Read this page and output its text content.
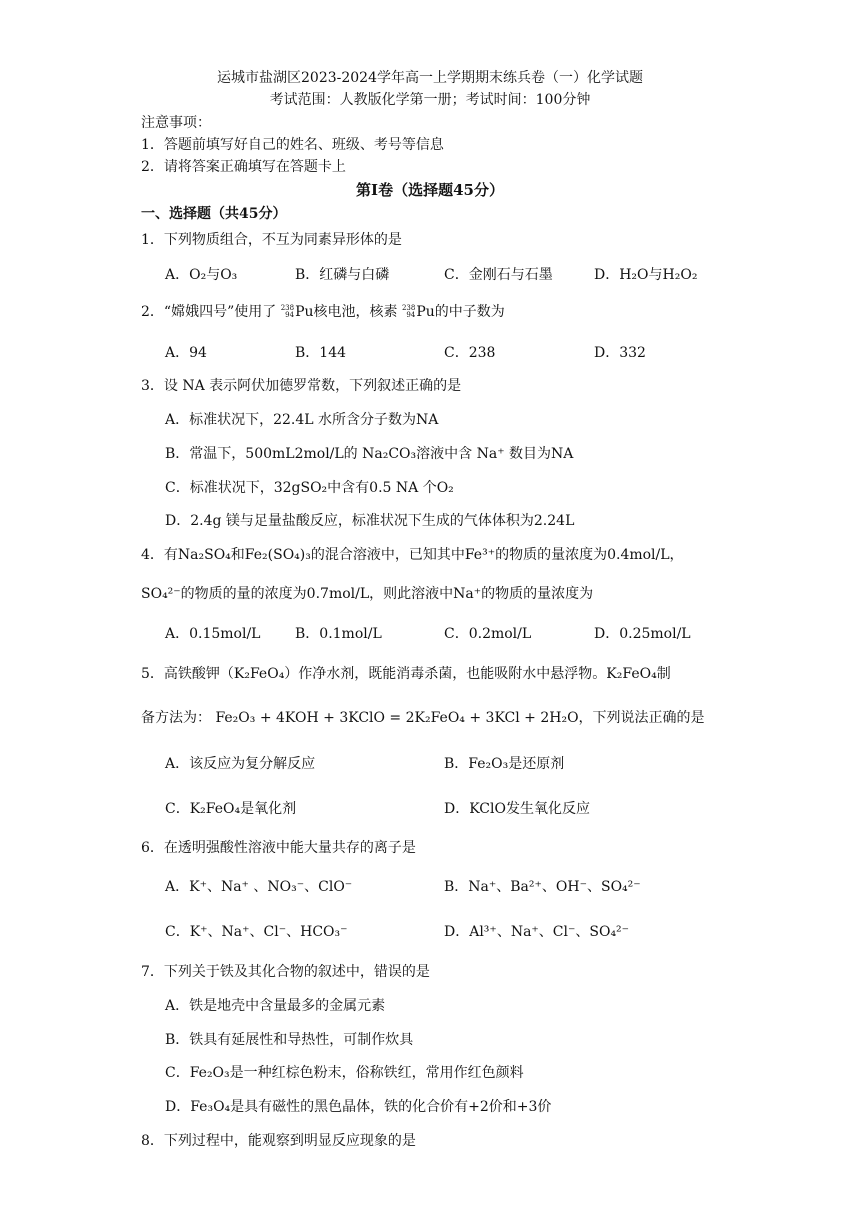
运城市盐湖区2023-2024学年高一上学期期末练兵卷（一）化学试题
考试范围：人教版化学第一册；考试时间：100分钟
注意事项：
1．答题前填写好自己的姓名、班级、考号等信息
2．请将答案正确填写在答题卡上
第I卷（选择题45分）
一、选择题（共45分）
1．下列物质组合，不互为同素异形体的是
A．O₂与O₃	B．红磷与白磷	C．金刚石与石墨	D．H₂O与H₂O₂
2．“嫦娥四号”使用了 238
94 Pu核电池，核素 238
94 Pu的中子数为
A．94	B．144	C．238	D．332
3．设 NA 表示阿伏加德罗常数，下列叙述正确的是
A．标准状况下，22.4L 水所含分子数为NA
B．常温下，500mL2mol/L的 Na₂CO₃溶液中含 Na⁺ 数目为NA
C．标准状况下，32gSO₂中含有0.5 NA 个O₂
D．2.4g 镁与足量盐酸反应，标准状况下生成的气体体积为2.24L
4．有Na₂SO₄和Fe₂(SO₄)₃的混合溶液中，已知其中Fe³⁺的物质的量浓度为0.4mol/L，
SO₄²⁻的物质的量的浓度为0.7mol/L，则此溶液中Na⁺的物质的量浓度为
A．0.15mol/L B．0.1mol/L	C．0.2mol/L	D．0.25mol/L
5．高铁酸钾（K₂FeO₄）作净水剂，既能消毒杀菌，也能吸附水中悬浮物。K₂FeO₄制
备方法为： Fe₂O₃ + 4KOH + 3KClO = 2K₂FeO₄ + 3KCl + 2H₂O，下列说法正确的是
A．该反应为复分解反应	B．Fe₂O₃是还原剂
C．K₂FeO₄是氧化剂	D．KClO发生氧化反应
6．在透明强酸性溶液中能大量共存的离子是
A．K⁺、Na⁺ 、NO₃⁻、ClO⁻	B．Na⁺、Ba²⁺、OH⁻、SO₄²⁻
C．K⁺、Na⁺、Cl⁻、HCO₃⁻	D．Al³⁺、Na⁺、Cl⁻、SO₄²⁻
7．下列关于铁及其化合物的叙述中，错误的是
A．铁是地壳中含量最多的金属元素
B．铁具有延展性和导热性，可制作炊具
C．Fe₂O₃是一种红棕色粉末，俗称铁红，常用作红色颜料
D．Fe₃O₄是具有磁性的黑色晶体，铁的化合价有+2价和+3价
8．下列过程中，能观察到明显反应现象的是
